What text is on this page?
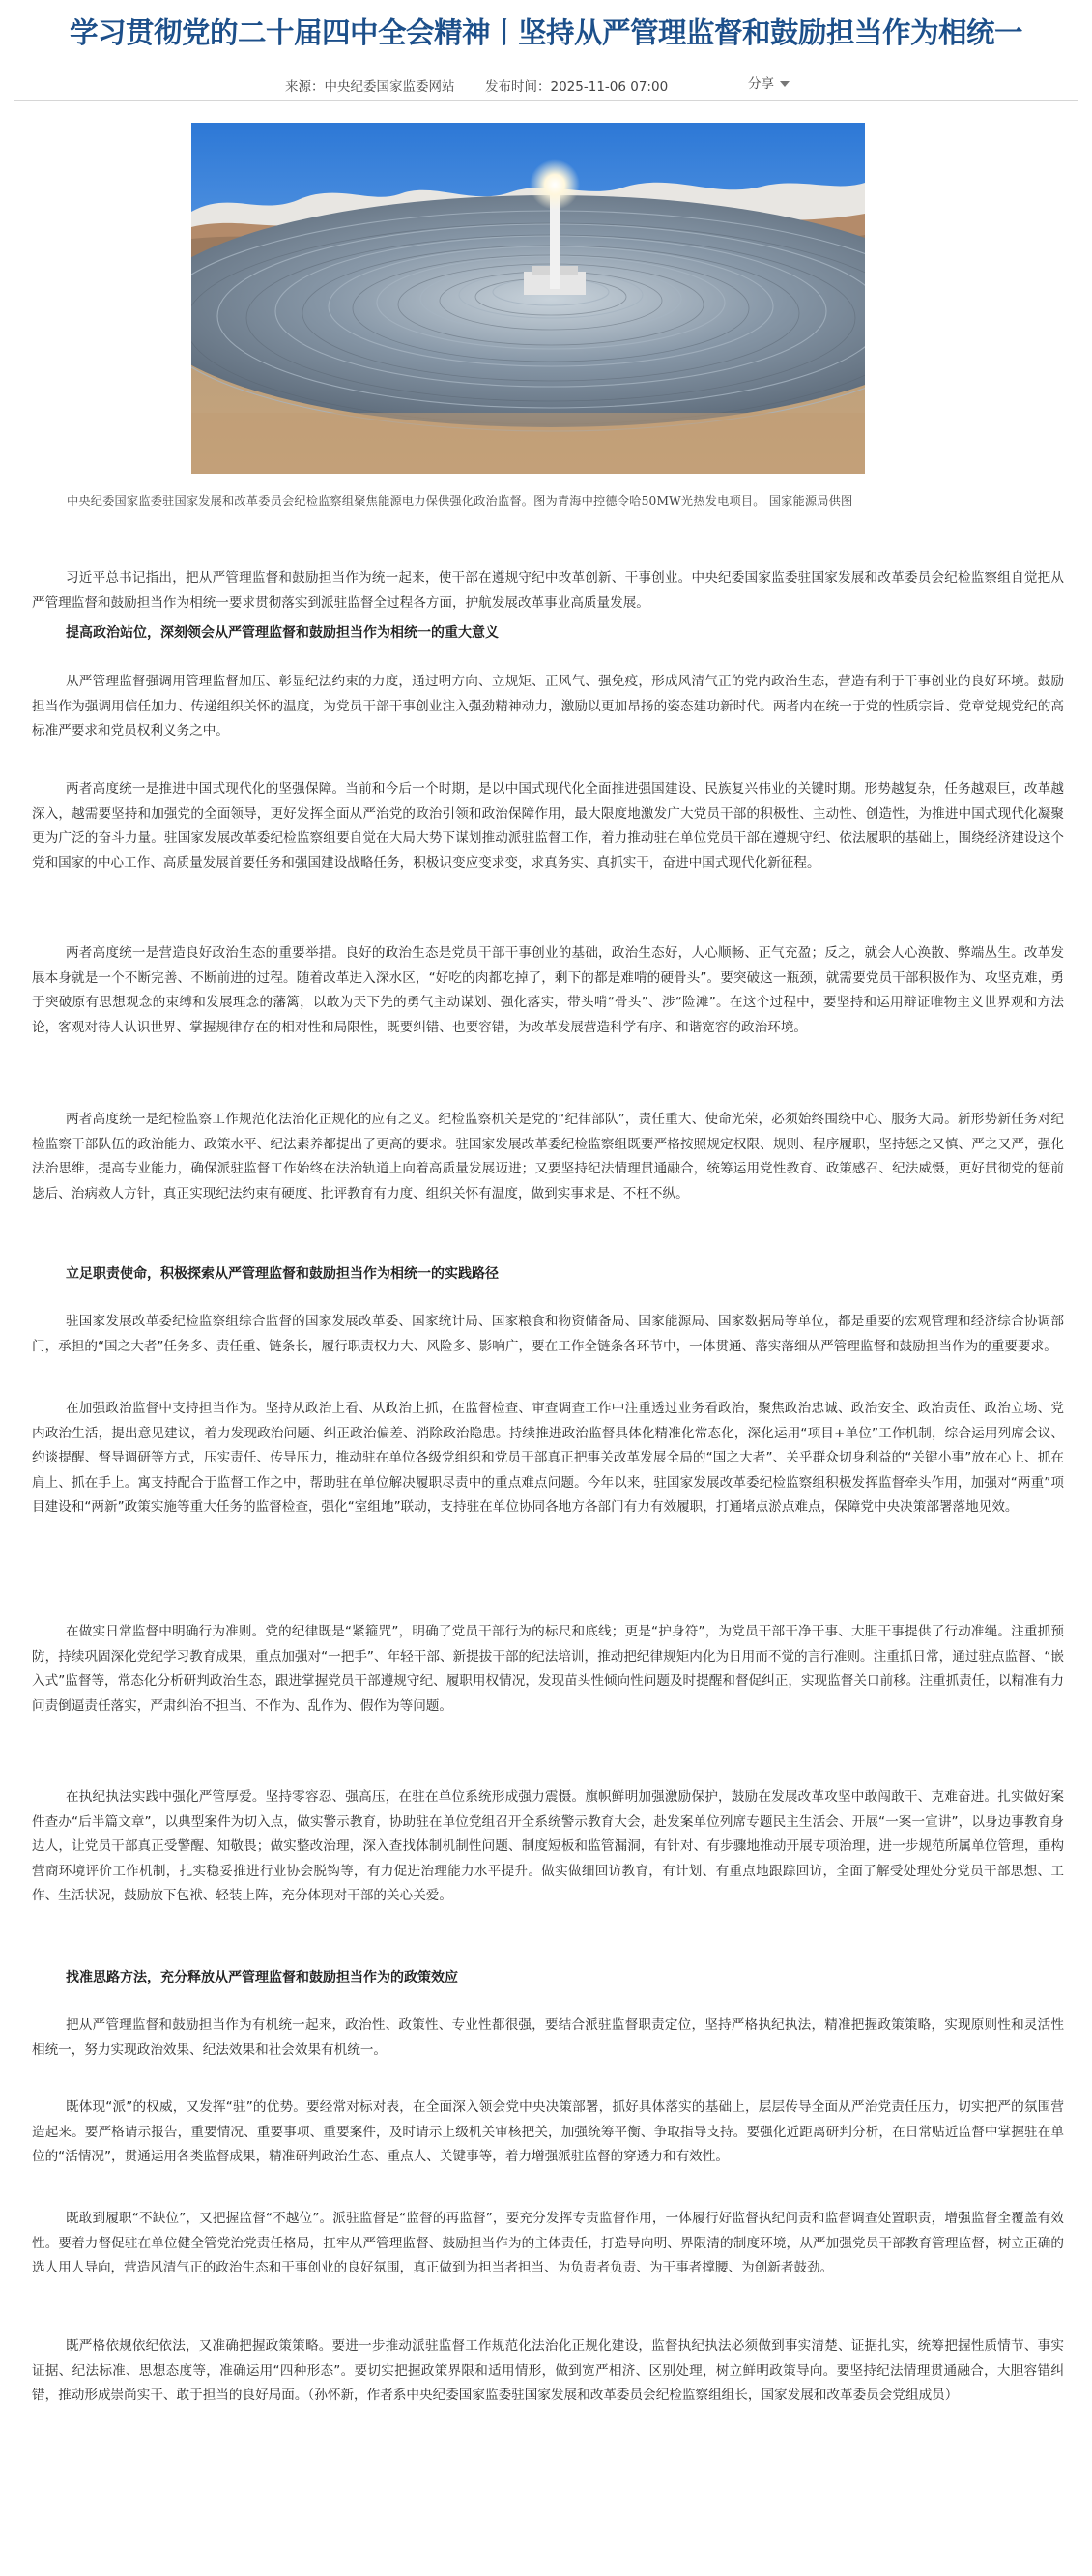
学习贯彻党的二十届四中全会精神丨坚持从严管理监督和鼓励担当作为相统一
来源：中央纪委国家监委网站 发布时间：2025-11-06 07:00	分享

中央纪委国家监委驻国家发展和改革委员会纪检监察组聚焦能源电力保供强化政治监督。图为青海中控德令哈50MW光热发电项目。 国家能源局供图

习近平总书记指出，把从严管理监督和鼓励担当作为统一起来，使干部在遵规守纪中改革创新、干事创业。中央纪委国家监委驻国家发展和改革委员会纪检监察组自觉把从严管理监督和鼓励担当作为相统一要求贯彻落实到派驻监督全过程各方面，护航发展改革事业高质量发展。

提高政治站位，深刻领会从严管理监督和鼓励担当作为相统一的重大意义

从严管理监督强调用管理监督加压、彰显纪法约束的力度，通过明方向、立规矩、正风气、强免疫，形成风清气正的党内政治生态，营造有利于干事创业的良好环境。鼓励担当作为强调用信任加力、传递组织关怀的温度，为党员干部干事创业注入强劲精神动力，激励以更加昂扬的姿态建功新时代。两者内在统一于党的性质宗旨、党章党规党纪的高标准严要求和党员权利义务之中。

两者高度统一是推进中国式现代化的坚强保障。当前和今后一个时期，是以中国式现代化全面推进强国建设、民族复兴伟业的关键时期。形势越复杂，任务越艰巨，改革越深入，越需要坚持和加强党的全面领导，更好发挥全面从严治党的政治引领和政治保障作用，最大限度地激发广大党员干部的积极性、主动性、创造性，为推进中国式现代化凝聚更为广泛的奋斗力量。驻国家发展改革委纪检监察组要自觉在大局大势下谋划推动派驻监督工作，着力推动驻在单位党员干部在遵规守纪、依法履职的基础上，围绕经济建设这个党和国家的中心工作、高质量发展首要任务和强国建设战略任务，积极识变应变求变，求真务实、真抓实干，奋进中国式现代化新征程。

两者高度统一是营造良好政治生态的重要举措。良好的政治生态是党员干部干事创业的基础，政治生态好，人心顺畅、正气充盈；反之，就会人心涣散、弊端丛生。改革发展本身就是一个不断完善、不断前进的过程。随着改革进入深水区，“好吃的肉都吃掉了，剩下的都是难啃的硬骨头”。要突破这一瓶颈，就需要党员干部积极作为、攻坚克难，勇于突破原有思想观念的束缚和发展理念的藩篱，以敢为天下先的勇气主动谋划、强化落实，带头啃“骨头”、涉“险滩”。在这个过程中，要坚持和运用辩证唯物主义世界观和方法论，客观对待人认识世界、掌握规律存在的相对性和局限性，既要纠错、也要容错，为改革发展营造科学有序、和谐宽容的政治环境。

两者高度统一是纪检监察工作规范化法治化正规化的应有之义。纪检监察机关是党的“纪律部队”，责任重大、使命光荣，必须始终围绕中心、服务大局。新形势新任务对纪检监察干部队伍的政治能力、政策水平、纪法素养都提出了更高的要求。驻国家发展改革委纪检监察组既要严格按照规定权限、规则、程序履职，坚持惩之又慎、严之又严，强化法治思维，提高专业能力，确保派驻监督工作始终在法治轨道上向着高质量发展迈进；又要坚持纪法情理贯通融合，统筹运用党性教育、政策感召、纪法威慑，更好贯彻党的惩前毖后、治病救人方针，真正实现纪法约束有硬度、批评教育有力度、组织关怀有温度，做到实事求是、不枉不纵。

立足职责使命，积极探索从严管理监督和鼓励担当作为相统一的实践路径

驻国家发展改革委纪检监察组综合监督的国家发展改革委、国家统计局、国家粮食和物资储备局、国家能源局、国家数据局等单位，都是重要的宏观管理和经济综合协调部门，承担的“国之大者”任务多、责任重、链条长，履行职责权力大、风险多、影响广，要在工作全链条各环节中，一体贯通、落实落细从严管理监督和鼓励担当作为的重要要求。

在加强政治监督中支持担当作为。坚持从政治上看、从政治上抓，在监督检查、审查调查工作中注重透过业务看政治，聚焦政治忠诚、政治安全、政治责任、政治立场、党内政治生活，提出意见建议，着力发现政治问题、纠正政治偏差、消除政治隐患。持续推进政治监督具体化精准化常态化，深化运用“项目+单位”工作机制，综合运用列席会议、约谈提醒、督导调研等方式，压实责任、传导压力，推动驻在单位各级党组织和党员干部真正把事关改革发展全局的“国之大者”、关乎群众切身利益的“关键小事”放在心上、抓在肩上、抓在手上。寓支持配合于监督工作之中，帮助驻在单位解决履职尽责中的重点难点问题。今年以来，驻国家发展改革委纪检监察组积极发挥监督牵头作用，加强对“两重”项目建设和“两新”政策实施等重大任务的监督检查，强化“室组地”联动，支持驻在单位协同各地方各部门有力有效履职，打通堵点淤点难点，保障党中央决策部署落地见效。

在做实日常监督中明确行为准则。党的纪律既是“紧箍咒”，明确了党员干部行为的标尺和底线；更是“护身符”，为党员干部干净干事、大胆干事提供了行动准绳。注重抓预防，持续巩固深化党纪学习教育成果，重点加强对“一把手”、年轻干部、新提拔干部的纪法培训，推动把纪律规矩内化为日用而不觉的言行准则。注重抓日常，通过驻点监督、“嵌入式”监督等，常态化分析研判政治生态，跟进掌握党员干部遵规守纪、履职用权情况，发现苗头性倾向性问题及时提醒和督促纠正，实现监督关口前移。注重抓责任，以精准有力问责倒逼责任落实，严肃纠治不担当、不作为、乱作为、假作为等问题。

在执纪执法实践中强化严管厚爱。坚持零容忍、强高压，在驻在单位系统形成强力震慑。旗帜鲜明加强激励保护，鼓励在发展改革攻坚中敢闯敢干、克难奋进。扎实做好案件查办“后半篇文章”，以典型案件为切入点，做实警示教育，协助驻在单位党组召开全系统警示教育大会，赴发案单位列席专题民主生活会、开展“一案一宣讲”，以身边事教育身边人，让党员干部真正受警醒、知敬畏；做实整改治理，深入查找体制机制性问题、制度短板和监管漏洞，有针对、有步骤地推动开展专项治理，进一步规范所属单位管理，重构营商环境评价工作机制，扎实稳妥推进行业协会脱钩等，有力促进治理能力水平提升。做实做细回访教育，有计划、有重点地跟踪回访，全面了解受处理处分党员干部思想、工作、生活状况，鼓励放下包袱、轻装上阵，充分体现对干部的关心关爱。

找准思路方法，充分释放从严管理监督和鼓励担当作为的政策效应

把从严管理监督和鼓励担当作为有机统一起来，政治性、政策性、专业性都很强，要结合派驻监督职责定位，坚持严格执纪执法，精准把握政策策略，实现原则性和灵活性相统一，努力实现政治效果、纪法效果和社会效果有机统一。

既体现“派”的权威，又发挥“驻”的优势。要经常对标对表，在全面深入领会党中央决策部署，抓好具体落实的基础上，层层传导全面从严治党责任压力，切实把严的氛围营造起来。要严格请示报告，重要情况、重要事项、重要案件，及时请示上级机关审核把关，加强统筹平衡、争取指导支持。要强化近距离研判分析，在日常贴近监督中掌握驻在单位的“活情况”，贯通运用各类监督成果，精准研判政治生态、重点人、关键事等，着力增强派驻监督的穿透力和有效性。

既敢到履职“不缺位”，又把握监督“不越位”。派驻监督是“监督的再监督”，要充分发挥专责监督作用，一体履行好监督执纪问责和监督调查处置职责，增强监督全覆盖有效性。要着力督促驻在单位健全管党治党责任格局，扛牢从严管理监督、鼓励担当作为的主体责任，打造导向明、界限清的制度环境，从严加强党员干部教育管理监督，树立正确的选人用人导向，营造风清气正的政治生态和干事创业的良好氛围，真正做到为担当者担当、为负责者负责、为干事者撑腰、为创新者鼓劲。

既严格依规依纪依法，又准确把握政策策略。要进一步推动派驻监督工作规范化法治化正规化建设，监督执纪执法必须做到事实清楚、证据扎实，统筹把握性质情节、事实证据、纪法标准、思想态度等，准确运用“四种形态”。要切实把握政策界限和适用情形，做到宽严相济、区别处理，树立鲜明政策导向。要坚持纪法情理贯通融合，大胆容错纠错，推动形成崇尚实干、敢于担当的良好局面。（孙怀新，作者系中央纪委国家监委驻国家发展和改革委员会纪检监察组组长，国家发展和改革委员会党组成员）
